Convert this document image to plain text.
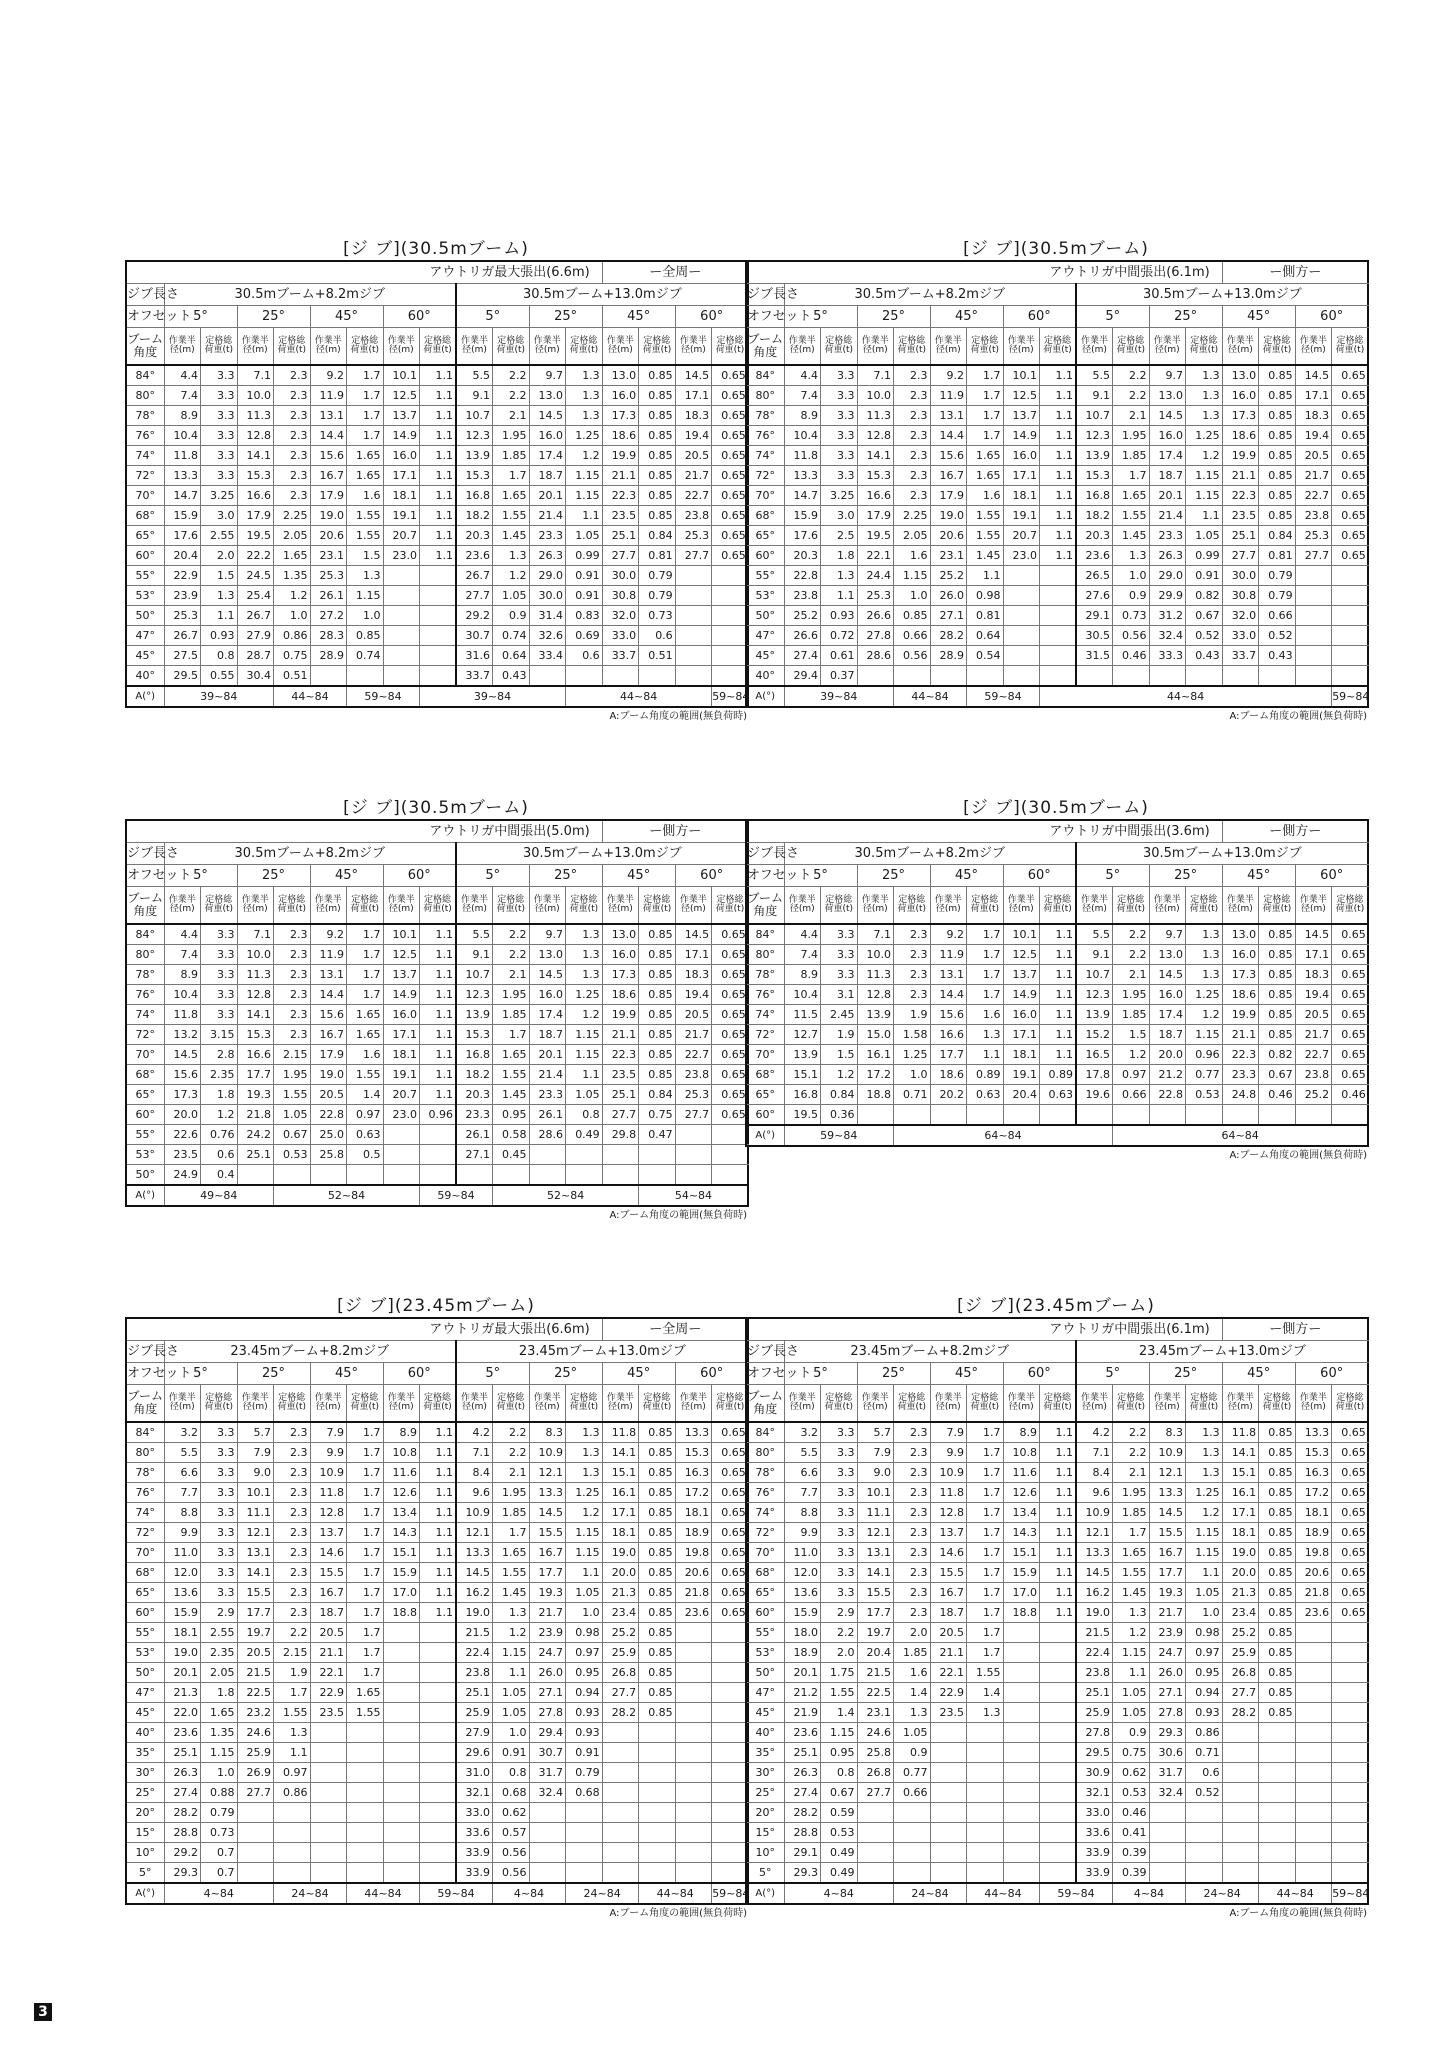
[ジ ブ](30.5mブーム)
アウトリガ最大張出(6.6m)													ー全周ー			
ジブ長さ	30.5mブーム+8.2mジブ								30.5mブーム+13.0mジブ							
オフセット	5°		25°		45°		60°		5°		25°		45°		60°	
ブーム角度	作業半径(m)	定格総荷重(t)	作業半径(m)	定格総荷重(t)	作業半径(m)	定格総荷重(t)	作業半径(m)	定格総荷重(t)	作業半径(m)	定格総荷重(t)	作業半径(m)	定格総荷重(t)	作業半径(m)	定格総荷重(t)	作業半径(m)	定格総荷重(t)
84°	4.4	3.3	7.1	2.3	9.2	1.7	10.1	1.1	5.5	2.2	9.7	1.3	13.0	0.85	14.5	0.65
80°	7.4	3.3	10.0	2.3	11.9	1.7	12.5	1.1	9.1	2.2	13.0	1.3	16.0	0.85	17.1	0.65
78°	8.9	3.3	11.3	2.3	13.1	1.7	13.7	1.1	10.7	2.1	14.5	1.3	17.3	0.85	18.3	0.65
76°	10.4	3.3	12.8	2.3	14.4	1.7	14.9	1.1	12.3	1.95	16.0	1.25	18.6	0.85	19.4	0.65
74°	11.8	3.3	14.1	2.3	15.6	1.65	16.0	1.1	13.9	1.85	17.4	1.2	19.9	0.85	20.5	0.65
72°	13.3	3.3	15.3	2.3	16.7	1.65	17.1	1.1	15.3	1.7	18.7	1.15	21.1	0.85	21.7	0.65
70°	14.7	3.25	16.6	2.3	17.9	1.6	18.1	1.1	16.8	1.65	20.1	1.15	22.3	0.85	22.7	0.65
68°	15.9	3.0	17.9	2.25	19.0	1.55	19.1	1.1	18.2	1.55	21.4	1.1	23.5	0.85	23.8	0.65
65°	17.6	2.55	19.5	2.05	20.6	1.55	20.7	1.1	20.3	1.45	23.3	1.05	25.1	0.84	25.3	0.65
60°	20.4	2.0	22.2	1.65	23.1	1.5	23.0	1.1	23.6	1.3	26.3	0.99	27.7	0.81	27.7	0.65
55°	22.9	1.5	24.5	1.35	25.3	1.3			26.7	1.2	29.0	0.91	30.0	0.79		
53°	23.9	1.3	25.4	1.2	26.1	1.15			27.7	1.05	30.0	0.91	30.8	0.79		
50°	25.3	1.1	26.7	1.0	27.2	1.0			29.2	0.9	31.4	0.83	32.0	0.73		
47°	26.7	0.93	27.9	0.86	28.3	0.85			30.7	0.74	32.6	0.69	33.0	0.6		
45°	27.5	0.8	28.7	0.75	28.9	0.74			31.6	0.64	33.4	0.6	33.7	0.51		
40°	29.5	0.55	30.4	0.51					33.7	0.43						
A(°)	39~84			44~84		59~84		39~84				44~84				59~84
A:ブーム角度の範囲(無負荷時)
[ジ ブ](30.5mブーム)
アウトリガ中間張出(6.1m)													ー側方ー			
ジブ長さ	30.5mブーム+8.2mジブ								30.5mブーム+13.0mジブ							
オフセット	5°		25°		45°		60°		5°		25°		45°		60°	
ブーム角度	作業半径(m)	定格総荷重(t)	作業半径(m)	定格総荷重(t)	作業半径(m)	定格総荷重(t)	作業半径(m)	定格総荷重(t)	作業半径(m)	定格総荷重(t)	作業半径(m)	定格総荷重(t)	作業半径(m)	定格総荷重(t)	作業半径(m)	定格総荷重(t)
84°	4.4	3.3	7.1	2.3	9.2	1.7	10.1	1.1	5.5	2.2	9.7	1.3	13.0	0.85	14.5	0.65
80°	7.4	3.3	10.0	2.3	11.9	1.7	12.5	1.1	9.1	2.2	13.0	1.3	16.0	0.85	17.1	0.65
78°	8.9	3.3	11.3	2.3	13.1	1.7	13.7	1.1	10.7	2.1	14.5	1.3	17.3	0.85	18.3	0.65
76°	10.4	3.3	12.8	2.3	14.4	1.7	14.9	1.1	12.3	1.95	16.0	1.25	18.6	0.85	19.4	0.65
74°	11.8	3.3	14.1	2.3	15.6	1.65	16.0	1.1	13.9	1.85	17.4	1.2	19.9	0.85	20.5	0.65
72°	13.3	3.3	15.3	2.3	16.7	1.65	17.1	1.1	15.3	1.7	18.7	1.15	21.1	0.85	21.7	0.65
70°	14.7	3.25	16.6	2.3	17.9	1.6	18.1	1.1	16.8	1.65	20.1	1.15	22.3	0.85	22.7	0.65
68°	15.9	3.0	17.9	2.25	19.0	1.55	19.1	1.1	18.2	1.55	21.4	1.1	23.5	0.85	23.8	0.65
65°	17.6	2.5	19.5	2.05	20.6	1.55	20.7	1.1	20.3	1.45	23.3	1.05	25.1	0.84	25.3	0.65
60°	20.3	1.8	22.1	1.6	23.1	1.45	23.0	1.1	23.6	1.3	26.3	0.99	27.7	0.81	27.7	0.65
55°	22.8	1.3	24.4	1.15	25.2	1.1			26.5	1.0	29.0	0.91	30.0	0.79		
53°	23.8	1.1	25.3	1.0	26.0	0.98			27.6	0.9	29.9	0.82	30.8	0.79		
50°	25.2	0.93	26.6	0.85	27.1	0.81			29.1	0.73	31.2	0.67	32.0	0.66		
47°	26.6	0.72	27.8	0.66	28.2	0.64			30.5	0.56	32.4	0.52	33.0	0.52		
45°	27.4	0.61	28.6	0.56	28.9	0.54			31.5	0.46	33.3	0.43	33.7	0.43		
40°	29.4	0.37														
A(°)	39~84			44~84		59~84		44~84								59~84
A:ブーム角度の範囲(無負荷時)
[ジ ブ](30.5mブーム)
アウトリガ中間張出(5.0m)													ー側方ー				
ジブ長さ	30.5mブーム+8.2mジブ								30.5mブーム+13.0mジブ								
オフセット	5°		25°		45°		60°		5°		25°		45°		60°		
ブーム角度	作業半径(m)	定格総荷重(t)	作業半径(m)	定格総荷重(t)	作業半径(m)	定格総荷重(t)	作業半径(m)	定格総荷重(t)	作業半径(m)	定格総荷重(t)	作業半径(m)	定格総荷重(t)	作業半径(m)	定格総荷重(t)	作業半径(m)	定格総荷重(t)	
84°	4.4	3.3	7.1	2.3	9.2	1.7	10.1	1.1	5.5	2.2	9.7	1.3	13.0	0.85	14.5	0.65	
80°	7.4	3.3	10.0	2.3	11.9	1.7	12.5	1.1	9.1	2.2	13.0	1.3	16.0	0.85	17.1	0.65	
78°	8.9	3.3	11.3	2.3	13.1	1.7	13.7	1.1	10.7	2.1	14.5	1.3	17.3	0.85	18.3	0.65	
76°	10.4	3.3	12.8	2.3	14.4	1.7	14.9	1.1	12.3	1.95	16.0	1.25	18.6	0.85	19.4	0.65	
74°	11.8	3.3	14.1	2.3	15.6	1.65	16.0	1.1	13.9	1.85	17.4	1.2	19.9	0.85	20.5	0.65	
72°	13.2	3.15	15.3	2.3	16.7	1.65	17.1	1.1	15.3	1.7	18.7	1.15	21.1	0.85	21.7	0.65	
70°	14.5	2.8	16.6	2.15	17.9	1.6	18.1	1.1	16.8	1.65	20.1	1.15	22.3	0.85	22.7	0.65	
68°	15.6	2.35	17.7	1.95	19.0	1.55	19.1	1.1	18.2	1.55	21.4	1.1	23.5	0.85	23.8	0.65	
65°	17.3	1.8	19.3	1.55	20.5	1.4	20.7	1.1	20.3	1.45	23.3	1.05	25.1	0.84	25.3	0.65	
60°	20.0	1.2	21.8	1.05	22.8	0.97	23.0	0.96	23.3	0.95	26.1	0.8	27.7	0.75	27.7	0.65	
55°	22.6	0.76	24.2	0.67	25.0	0.63			26.1	0.58	28.6	0.49	29.8	0.47			
53°	23.5	0.6	25.1	0.53	25.8	0.5			27.1	0.45							
50°	24.9	0.4															
A(°)	49~84			52~84				59~84		52~84				54~84	
A:ブーム角度の範囲(無負荷時)
[ジ ブ](30.5mブーム)
アウトリガ中間張出(3.6m)													ー側方ー			
ジブ長さ	30.5mブーム+8.2mジブ								30.5mブーム+13.0mジブ							
オフセット	5°		25°		45°		60°		5°		25°		45°		60°	
ブーム角度	作業半径(m)	定格総荷重(t)	作業半径(m)	定格総荷重(t)	作業半径(m)	定格総荷重(t)	作業半径(m)	定格総荷重(t)	作業半径(m)	定格総荷重(t)	作業半径(m)	定格総荷重(t)	作業半径(m)	定格総荷重(t)	作業半径(m)	定格総荷重(t)
84°	4.4	3.3	7.1	2.3	9.2	1.7	10.1	1.1	5.5	2.2	9.7	1.3	13.0	0.85	14.5	0.65
80°	7.4	3.3	10.0	2.3	11.9	1.7	12.5	1.1	9.1	2.2	13.0	1.3	16.0	0.85	17.1	0.65
78°	8.9	3.3	11.3	2.3	13.1	1.7	13.7	1.1	10.7	2.1	14.5	1.3	17.3	0.85	18.3	0.65
76°	10.4	3.1	12.8	2.3	14.4	1.7	14.9	1.1	12.3	1.95	16.0	1.25	18.6	0.85	19.4	0.65
74°	11.5	2.45	13.9	1.9	15.6	1.6	16.0	1.1	13.9	1.85	17.4	1.2	19.9	0.85	20.5	0.65
72°	12.7	1.9	15.0	1.58	16.6	1.3	17.1	1.1	15.2	1.5	18.7	1.15	21.1	0.85	21.7	0.65
70°	13.9	1.5	16.1	1.25	17.7	1.1	18.1	1.1	16.5	1.2	20.0	0.96	22.3	0.82	22.7	0.65
68°	15.1	1.2	17.2	1.0	18.6	0.89	19.1	0.89	17.8	0.97	21.2	0.77	23.3	0.67	23.8	0.65
65°	16.8	0.84	18.8	0.71	20.2	0.63	20.4	0.63	19.6	0.66	22.8	0.53	24.8	0.46	25.2	0.46
60°	19.5	0.36														
A(°)	59~84			64~84						64~84						
A:ブーム角度の範囲(無負荷時)
[ジ ブ](23.45mブーム)
アウトリガ最大張出(6.6m)													ー全周ー			
ジブ長さ	23.45mブーム+8.2mジブ								23.45mブーム+13.0mジブ							
オフセット	5°		25°		45°		60°		5°		25°		45°		60°	
ブーム角度	作業半径(m)	定格総荷重(t)	作業半径(m)	定格総荷重(t)	作業半径(m)	定格総荷重(t)	作業半径(m)	定格総荷重(t)	作業半径(m)	定格総荷重(t)	作業半径(m)	定格総荷重(t)	作業半径(m)	定格総荷重(t)	作業半径(m)	定格総荷重(t)
84°	3.2	3.3	5.7	2.3	7.9	1.7	8.9	1.1	4.2	2.2	8.3	1.3	11.8	0.85	13.3	0.65
80°	5.5	3.3	7.9	2.3	9.9	1.7	10.8	1.1	7.1	2.2	10.9	1.3	14.1	0.85	15.3	0.65
78°	6.6	3.3	9.0	2.3	10.9	1.7	11.6	1.1	8.4	2.1	12.1	1.3	15.1	0.85	16.3	0.65
76°	7.7	3.3	10.1	2.3	11.8	1.7	12.6	1.1	9.6	1.95	13.3	1.25	16.1	0.85	17.2	0.65
74°	8.8	3.3	11.1	2.3	12.8	1.7	13.4	1.1	10.9	1.85	14.5	1.2	17.1	0.85	18.1	0.65
72°	9.9	3.3	12.1	2.3	13.7	1.7	14.3	1.1	12.1	1.7	15.5	1.15	18.1	0.85	18.9	0.65
70°	11.0	3.3	13.1	2.3	14.6	1.7	15.1	1.1	13.3	1.65	16.7	1.15	19.0	0.85	19.8	0.65
68°	12.0	3.3	14.1	2.3	15.5	1.7	15.9	1.1	14.5	1.55	17.7	1.1	20.0	0.85	20.6	0.65
65°	13.6	3.3	15.5	2.3	16.7	1.7	17.0	1.1	16.2	1.45	19.3	1.05	21.3	0.85	21.8	0.65
60°	15.9	2.9	17.7	2.3	18.7	1.7	18.8	1.1	19.0	1.3	21.7	1.0	23.4	0.85	23.6	0.65
55°	18.1	2.55	19.7	2.2	20.5	1.7			21.5	1.2	23.9	0.98	25.2	0.85		
53°	19.0	2.35	20.5	2.15	21.1	1.7			22.4	1.15	24.7	0.97	25.9	0.85		
50°	20.1	2.05	21.5	1.9	22.1	1.7			23.8	1.1	26.0	0.95	26.8	0.85		
47°	21.3	1.8	22.5	1.7	22.9	1.65			25.1	1.05	27.1	0.94	27.7	0.85		
45°	22.0	1.65	23.2	1.55	23.5	1.55			25.9	1.05	27.8	0.93	28.2	0.85		
40°	23.6	1.35	24.6	1.3					27.9	1.0	29.4	0.93				
35°	25.1	1.15	25.9	1.1					29.6	0.91	30.7	0.91				
30°	26.3	1.0	26.9	0.97					31.0	0.8	31.7	0.79				
25°	27.4	0.88	27.7	0.86					32.1	0.68	32.4	0.68				
20°	28.2	0.79							33.0	0.62						
15°	28.8	0.73							33.6	0.57						
10°	29.2	0.7							33.9	0.56						
5°	29.3	0.7							33.9	0.56						
A(°)	4~84			24~84		44~84		59~84		4~84		24~84		44~84		59~84
A:ブーム角度の範囲(無負荷時)
[ジ ブ](23.45mブーム)
アウトリガ中間張出(6.1m)													ー側方ー			
ジブ長さ	23.45mブーム+8.2mジブ								23.45mブーム+13.0mジブ							
オフセット	5°		25°		45°		60°		5°		25°		45°		60°	
ブーム角度	作業半径(m)	定格総荷重(t)	作業半径(m)	定格総荷重(t)	作業半径(m)	定格総荷重(t)	作業半径(m)	定格総荷重(t)	作業半径(m)	定格総荷重(t)	作業半径(m)	定格総荷重(t)	作業半径(m)	定格総荷重(t)	作業半径(m)	定格総荷重(t)
84°	3.2	3.3	5.7	2.3	7.9	1.7	8.9	1.1	4.2	2.2	8.3	1.3	11.8	0.85	13.3	0.65
80°	5.5	3.3	7.9	2.3	9.9	1.7	10.8	1.1	7.1	2.2	10.9	1.3	14.1	0.85	15.3	0.65
78°	6.6	3.3	9.0	2.3	10.9	1.7	11.6	1.1	8.4	2.1	12.1	1.3	15.1	0.85	16.3	0.65
76°	7.7	3.3	10.1	2.3	11.8	1.7	12.6	1.1	9.6	1.95	13.3	1.25	16.1	0.85	17.2	0.65
74°	8.8	3.3	11.1	2.3	12.8	1.7	13.4	1.1	10.9	1.85	14.5	1.2	17.1	0.85	18.1	0.65
72°	9.9	3.3	12.1	2.3	13.7	1.7	14.3	1.1	12.1	1.7	15.5	1.15	18.1	0.85	18.9	0.65
70°	11.0	3.3	13.1	2.3	14.6	1.7	15.1	1.1	13.3	1.65	16.7	1.15	19.0	0.85	19.8	0.65
68°	12.0	3.3	14.1	2.3	15.5	1.7	15.9	1.1	14.5	1.55	17.7	1.1	20.0	0.85	20.6	0.65
65°	13.6	3.3	15.5	2.3	16.7	1.7	17.0	1.1	16.2	1.45	19.3	1.05	21.3	0.85	21.8	0.65
60°	15.9	2.9	17.7	2.3	18.7	1.7	18.8	1.1	19.0	1.3	21.7	1.0	23.4	0.85	23.6	0.65
55°	18.0	2.2	19.7	2.0	20.5	1.7			21.5	1.2	23.9	0.98	25.2	0.85		
53°	18.9	2.0	20.4	1.85	21.1	1.7			22.4	1.15	24.7	0.97	25.9	0.85		
50°	20.1	1.75	21.5	1.6	22.1	1.55			23.8	1.1	26.0	0.95	26.8	0.85		
47°	21.2	1.55	22.5	1.4	22.9	1.4			25.1	1.05	27.1	0.94	27.7	0.85		
45°	21.9	1.4	23.1	1.3	23.5	1.3			25.9	1.05	27.8	0.93	28.2	0.85		
40°	23.6	1.15	24.6	1.05					27.8	0.9	29.3	0.86				
35°	25.1	0.95	25.8	0.9					29.5	0.75	30.6	0.71				
30°	26.3	0.8	26.8	0.77					30.9	0.62	31.7	0.6				
25°	27.4	0.67	27.7	0.66					32.1	0.53	32.4	0.52				
20°	28.2	0.59							33.0	0.46						
15°	28.8	0.53							33.6	0.41						
10°	29.1	0.49							33.9	0.39						
5°	29.3	0.49							33.9	0.39						
A(°)	4~84			24~84		44~84		59~84		4~84		24~84		44~84		59~84
A:ブーム角度の範囲(無負荷時)
3
